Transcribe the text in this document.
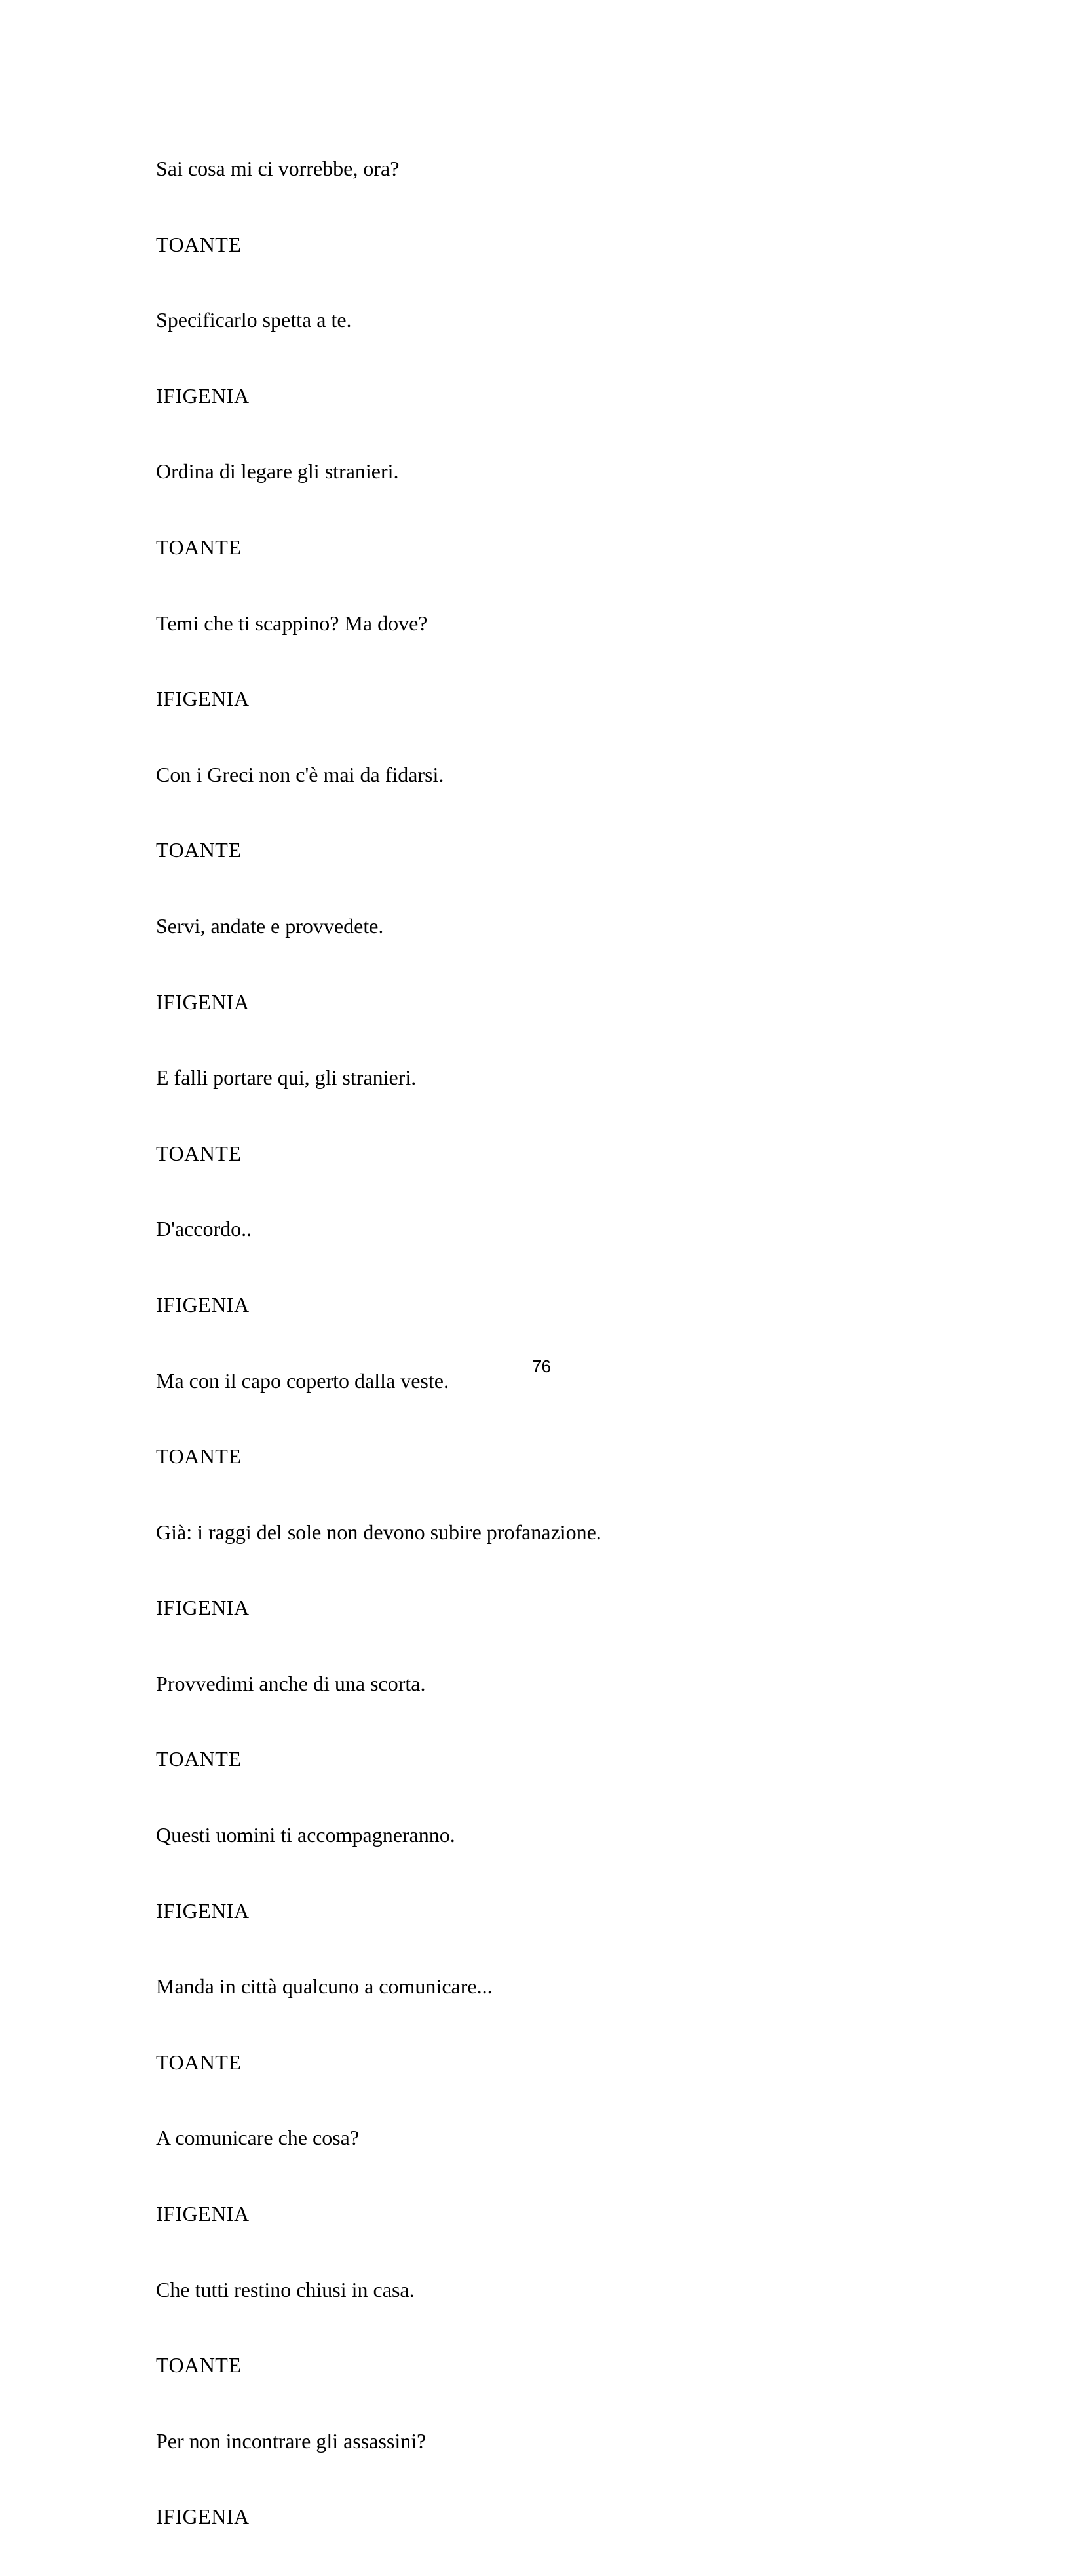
Sai cosa mi ci vorrebbe, ora?
TOANTE
Specificarlo spetta a te.
IFIGENIA
Ordina di legare gli stranieri.
TOANTE
Temi che ti scappino? Ma dove?
IFIGENIA
Con i Greci non c'è mai da fidarsi.
TOANTE
Servi, andate e provvedete.
IFIGENIA
E falli portare qui, gli stranieri.
TOANTE
D'accordo..
IFIGENIA
Ma con il capo coperto dalla veste.
TOANTE
Già: i raggi del sole non devono subire profanazione.
IFIGENIA
Provvedimi anche di una scorta.
TOANTE
Questi uomini ti accompagneranno.
IFIGENIA
Manda in città qualcuno a comunicare...
TOANTE
A comunicare che cosa?
IFIGENIA
Che tutti restino chiusi in casa.
TOANTE
Per non incontrare gli assassini?
IFIGENIA
76
